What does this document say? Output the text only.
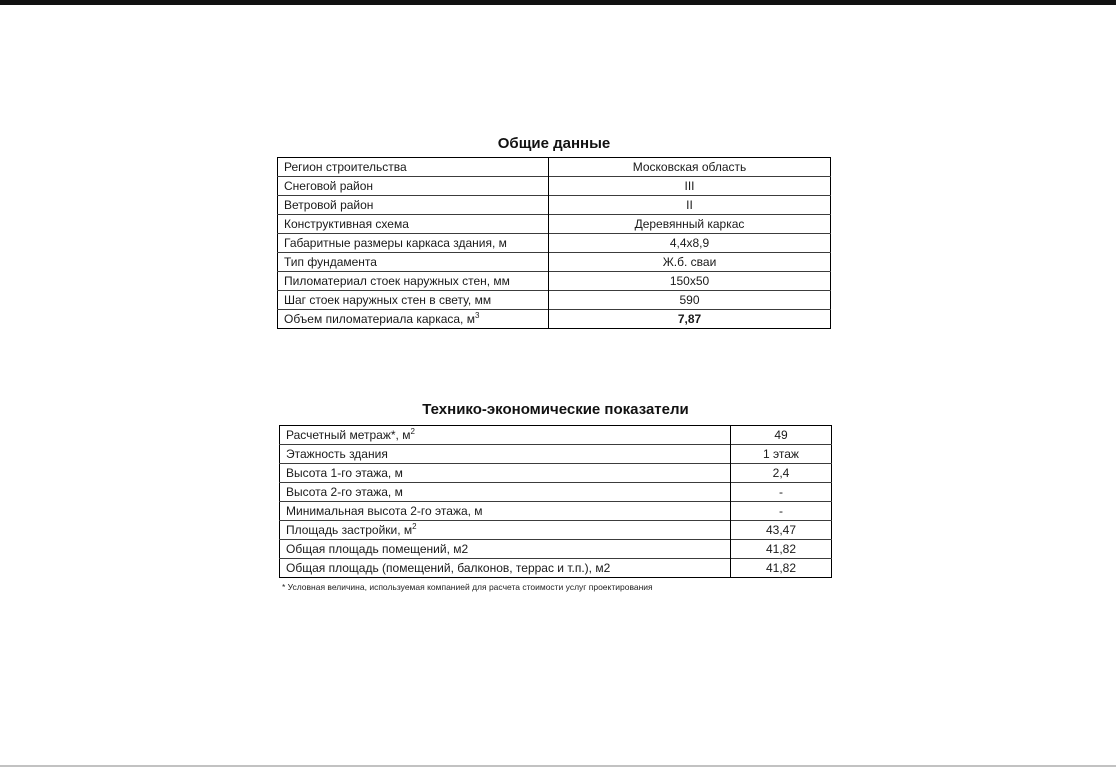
Общие данные
Регион строительства	Московская область
Снеговой район	III
Ветровой район	II
Конструктивная схема	Деревянный каркас
Габаритные размеры каркаса здания, м	4,4x8,9
Тип фундамента	Ж.б. сваи
Пиломатериал стоек наружных стен, мм	150x50
Шаг стоек наружных стен в свету, мм	590
Объем пиломатериала каркаса, $м^3$	7,87
Технико-экономические показатели
Расчетный метраж*, $м^2$	49
Этажность здания	1 этаж
Высота 1-го этажа, м	2,4
Высота 2-го этажа, м	-
Минимальная высота 2-го этажа, м	-
Площадь застройки, $м^2$	43,47
Общая площадь помещений, м2	41,82
Общая площадь (помещений, балконов, террас и т.п.), м2	41,82
* Условная величина, используемая компанией для расчета стоимости услуг проектирования
